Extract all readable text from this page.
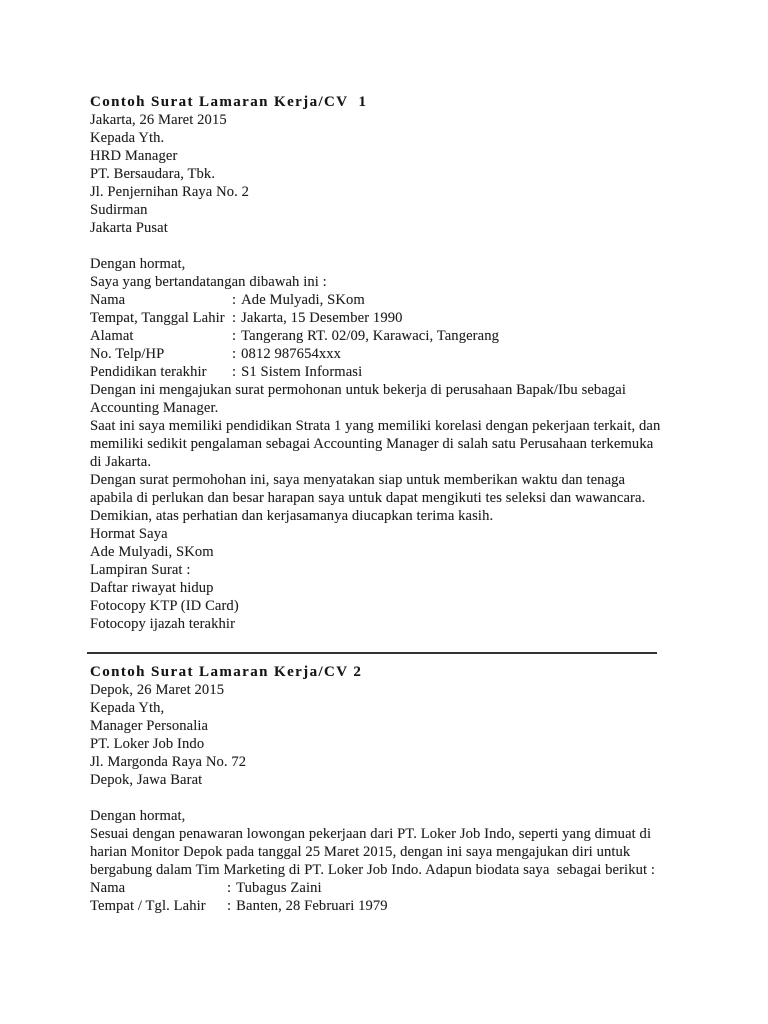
Contoh Surat Lamaran Kerja/CV  1
Jakarta, 26 Maret 2015
Kepada Yth.
HRD Manager
PT. Bersaudara, Tbk.
Jl. Penjernihan Raya No. 2
Sudirman
Jakarta Pusat
Dengan hormat,
Saya yang bertandatangan dibawah ini :
Nama	: Ade Mulyadi, SKom
Tempat, Tanggal Lahir : Jakarta, 15 Desember 1990
Alamat	: Tangerang RT. 02/09, Karawaci, Tangerang
No. Telp/HP	: 0812 987654xxx
Pendidikan terakhir	: S1 Sistem Informasi
Dengan ini mengajukan surat permohonan untuk bekerja di perusahaan Bapak/Ibu sebagai
Accounting Manager.
Saat ini saya memiliki pendidikan Strata 1 yang memiliki korelasi dengan pekerjaan terkait, dan
memiliki sedikit pengalaman sebagai Accounting Manager di salah satu Perusahaan terkemuka
di Jakarta.
Dengan surat permohohan ini, saya menyatakan siap untuk memberikan waktu dan tenaga
apabila di perlukan dan besar harapan saya untuk dapat mengikuti tes seleksi dan wawancara.
Demikian, atas perhatian dan kerjasamanya diucapkan terima kasih.
Hormat Saya
Ade Mulyadi, SKom
Lampiran Surat :
Daftar riwayat hidup
Fotocopy KTP (ID Card)
Fotocopy ijazah terakhir
Contoh Surat Lamaran Kerja/CV 2
Depok, 26 Maret 2015
Kepada Yth,
Manager Personalia
PT. Loker Job Indo
Jl. Margonda Raya No. 72
Depok, Jawa Barat
Dengan hormat,
Sesuai dengan penawaran lowongan pekerjaan dari PT. Loker Job Indo, seperti yang dimuat di
harian Monitor Depok pada tanggal 25 Maret 2015, dengan ini saya mengajukan diri untuk
bergabung dalam Tim Marketing di PT. Loker Job Indo. Adapun biodata saya  sebagai berikut :
Nama	: Tubagus Zaini
Tempat / Tgl. Lahir	: Banten, 28 Februari 1979
